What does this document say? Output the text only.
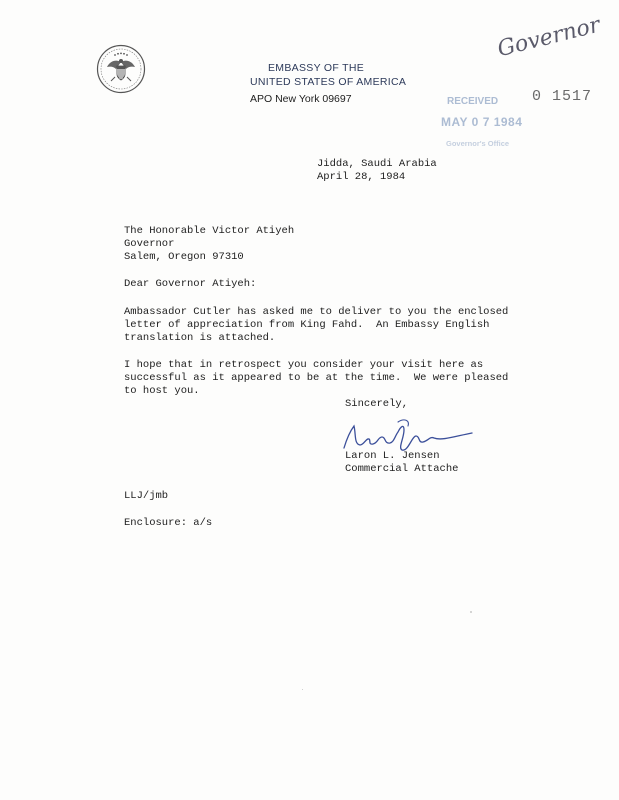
EMBASSY OF THE
UNITED STATES OF AMERICA
APO New York 09697
Governor
0 1517
RECEIVED
MAY 0 7 1984
Governor's Office
Jidda, Saudi Arabia
April 28, 1984
The Honorable Victor Atiyeh
Governor
Salem, Oregon 97310
Dear Governor Atiyeh:
Ambassador Cutler has asked me to deliver to you the enclosed
letter of appreciation from King Fahd.  An Embassy English
translation is attached.
I hope that in retrospect you consider your visit here as
successful as it appeared to be at the time.  We were pleased
to host you.
Sincerely,
Laron L. Jensen
Commercial Attache
LLJ/jmb
Enclosure: a/s
